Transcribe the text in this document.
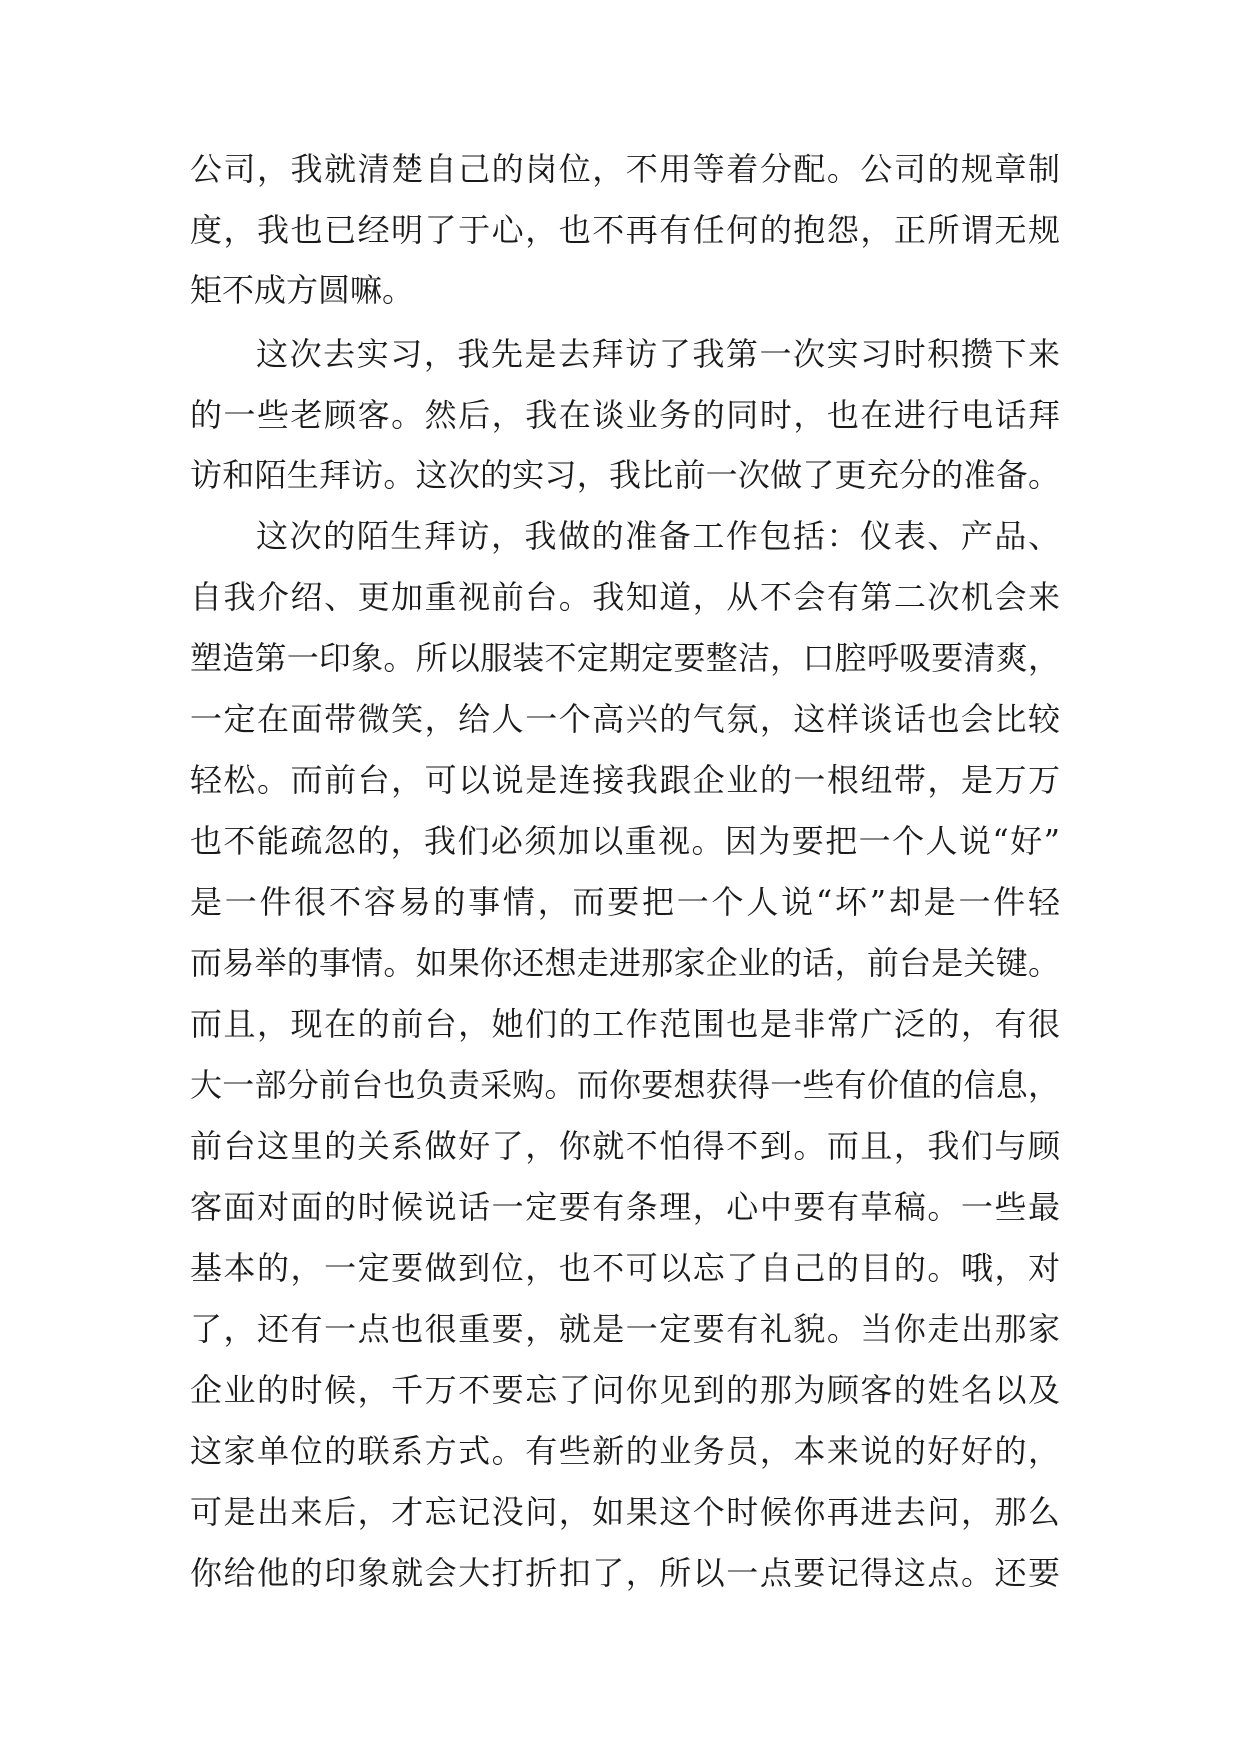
公司，我就清楚自己的岗位，不用等着分配。公司的规章制
度，我也已经明了于心，也不再有任何的抱怨，正所谓无规
矩不成方圆嘛。
这次去实习，我先是去拜访了我第一次实习时积攒下来
的一些老顾客。然后，我在谈业务的同时，也在进行电话拜
访和陌生拜访。这次的实习，我比前一次做了更充分的准备。
这次的陌生拜访，我做的准备工作包括：仪表、产品、
自我介绍、更加重视前台。我知道，从不会有第二次机会来
塑造第一印象。所以服装不定期定要整洁，口腔呼吸要清爽，
一定在面带微笑，给人一个高兴的气氛，这样谈话也会比较
轻松。而前台，可以说是连接我跟企业的一根纽带，是万万
也不能疏忽的，我们必须加以重视。因为要把一个人说“好”
是一件很不容易的事情，而要把一个人说“坏”却是一件轻
而易举的事情。如果你还想走进那家企业的话，前台是关键。
而且，现在的前台，她们的工作范围也是非常广泛的，有很
大一部分前台也负责采购。而你要想获得一些有价值的信息，
前台这里的关系做好了，你就不怕得不到。而且，我们与顾
客面对面的时候说话一定要有条理，心中要有草稿。一些最
基本的，一定要做到位，也不可以忘了自己的目的。哦，对
了，还有一点也很重要，就是一定要有礼貌。当你走出那家
企业的时候，千万不要忘了问你见到的那为顾客的姓名以及
这家单位的联系方式。有些新的业务员，本来说的好好的，
可是出来后，才忘记没问，如果这个时候你再进去问，那么
你给他的印象就会大打折扣了，所以一点要记得这点。还要
